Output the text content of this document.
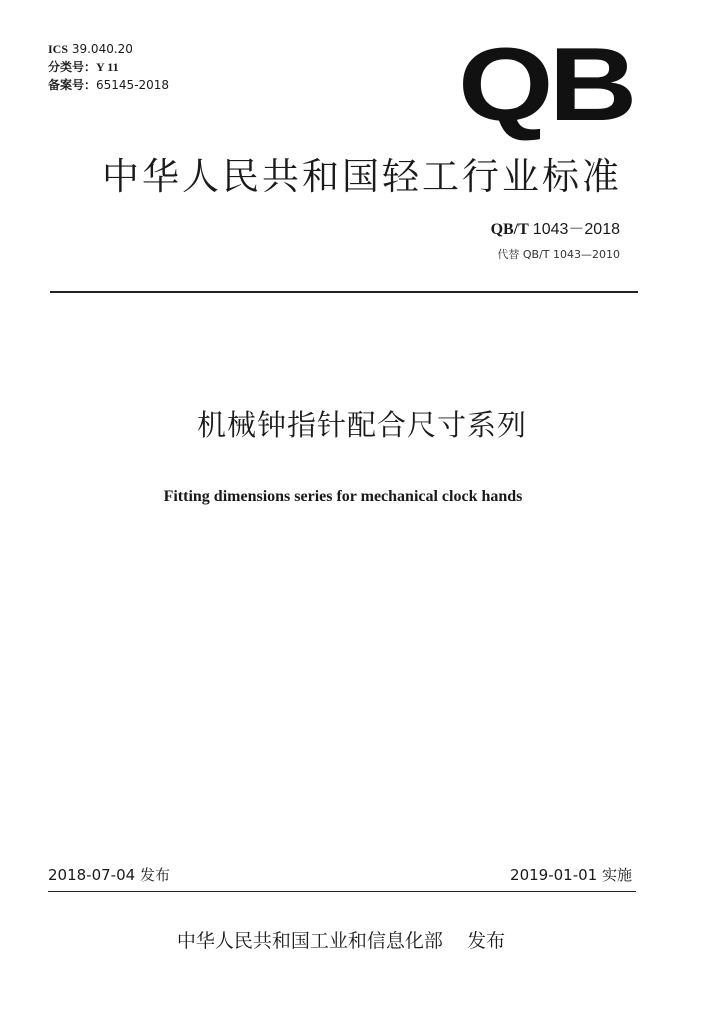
ICS 39.040.20
分类号：Y 11
备案号：65145-2018	QB
中华人民共和国轻工行业标准
QB/T 1043－2018
代替 QB/T 1043—2010
机械钟指针配合尺寸系列
Fitting dimensions series for mechanical clock hands
2018-07-04 发布	2019-01-01 实施
中华人民共和国工业和信息化部 发布
